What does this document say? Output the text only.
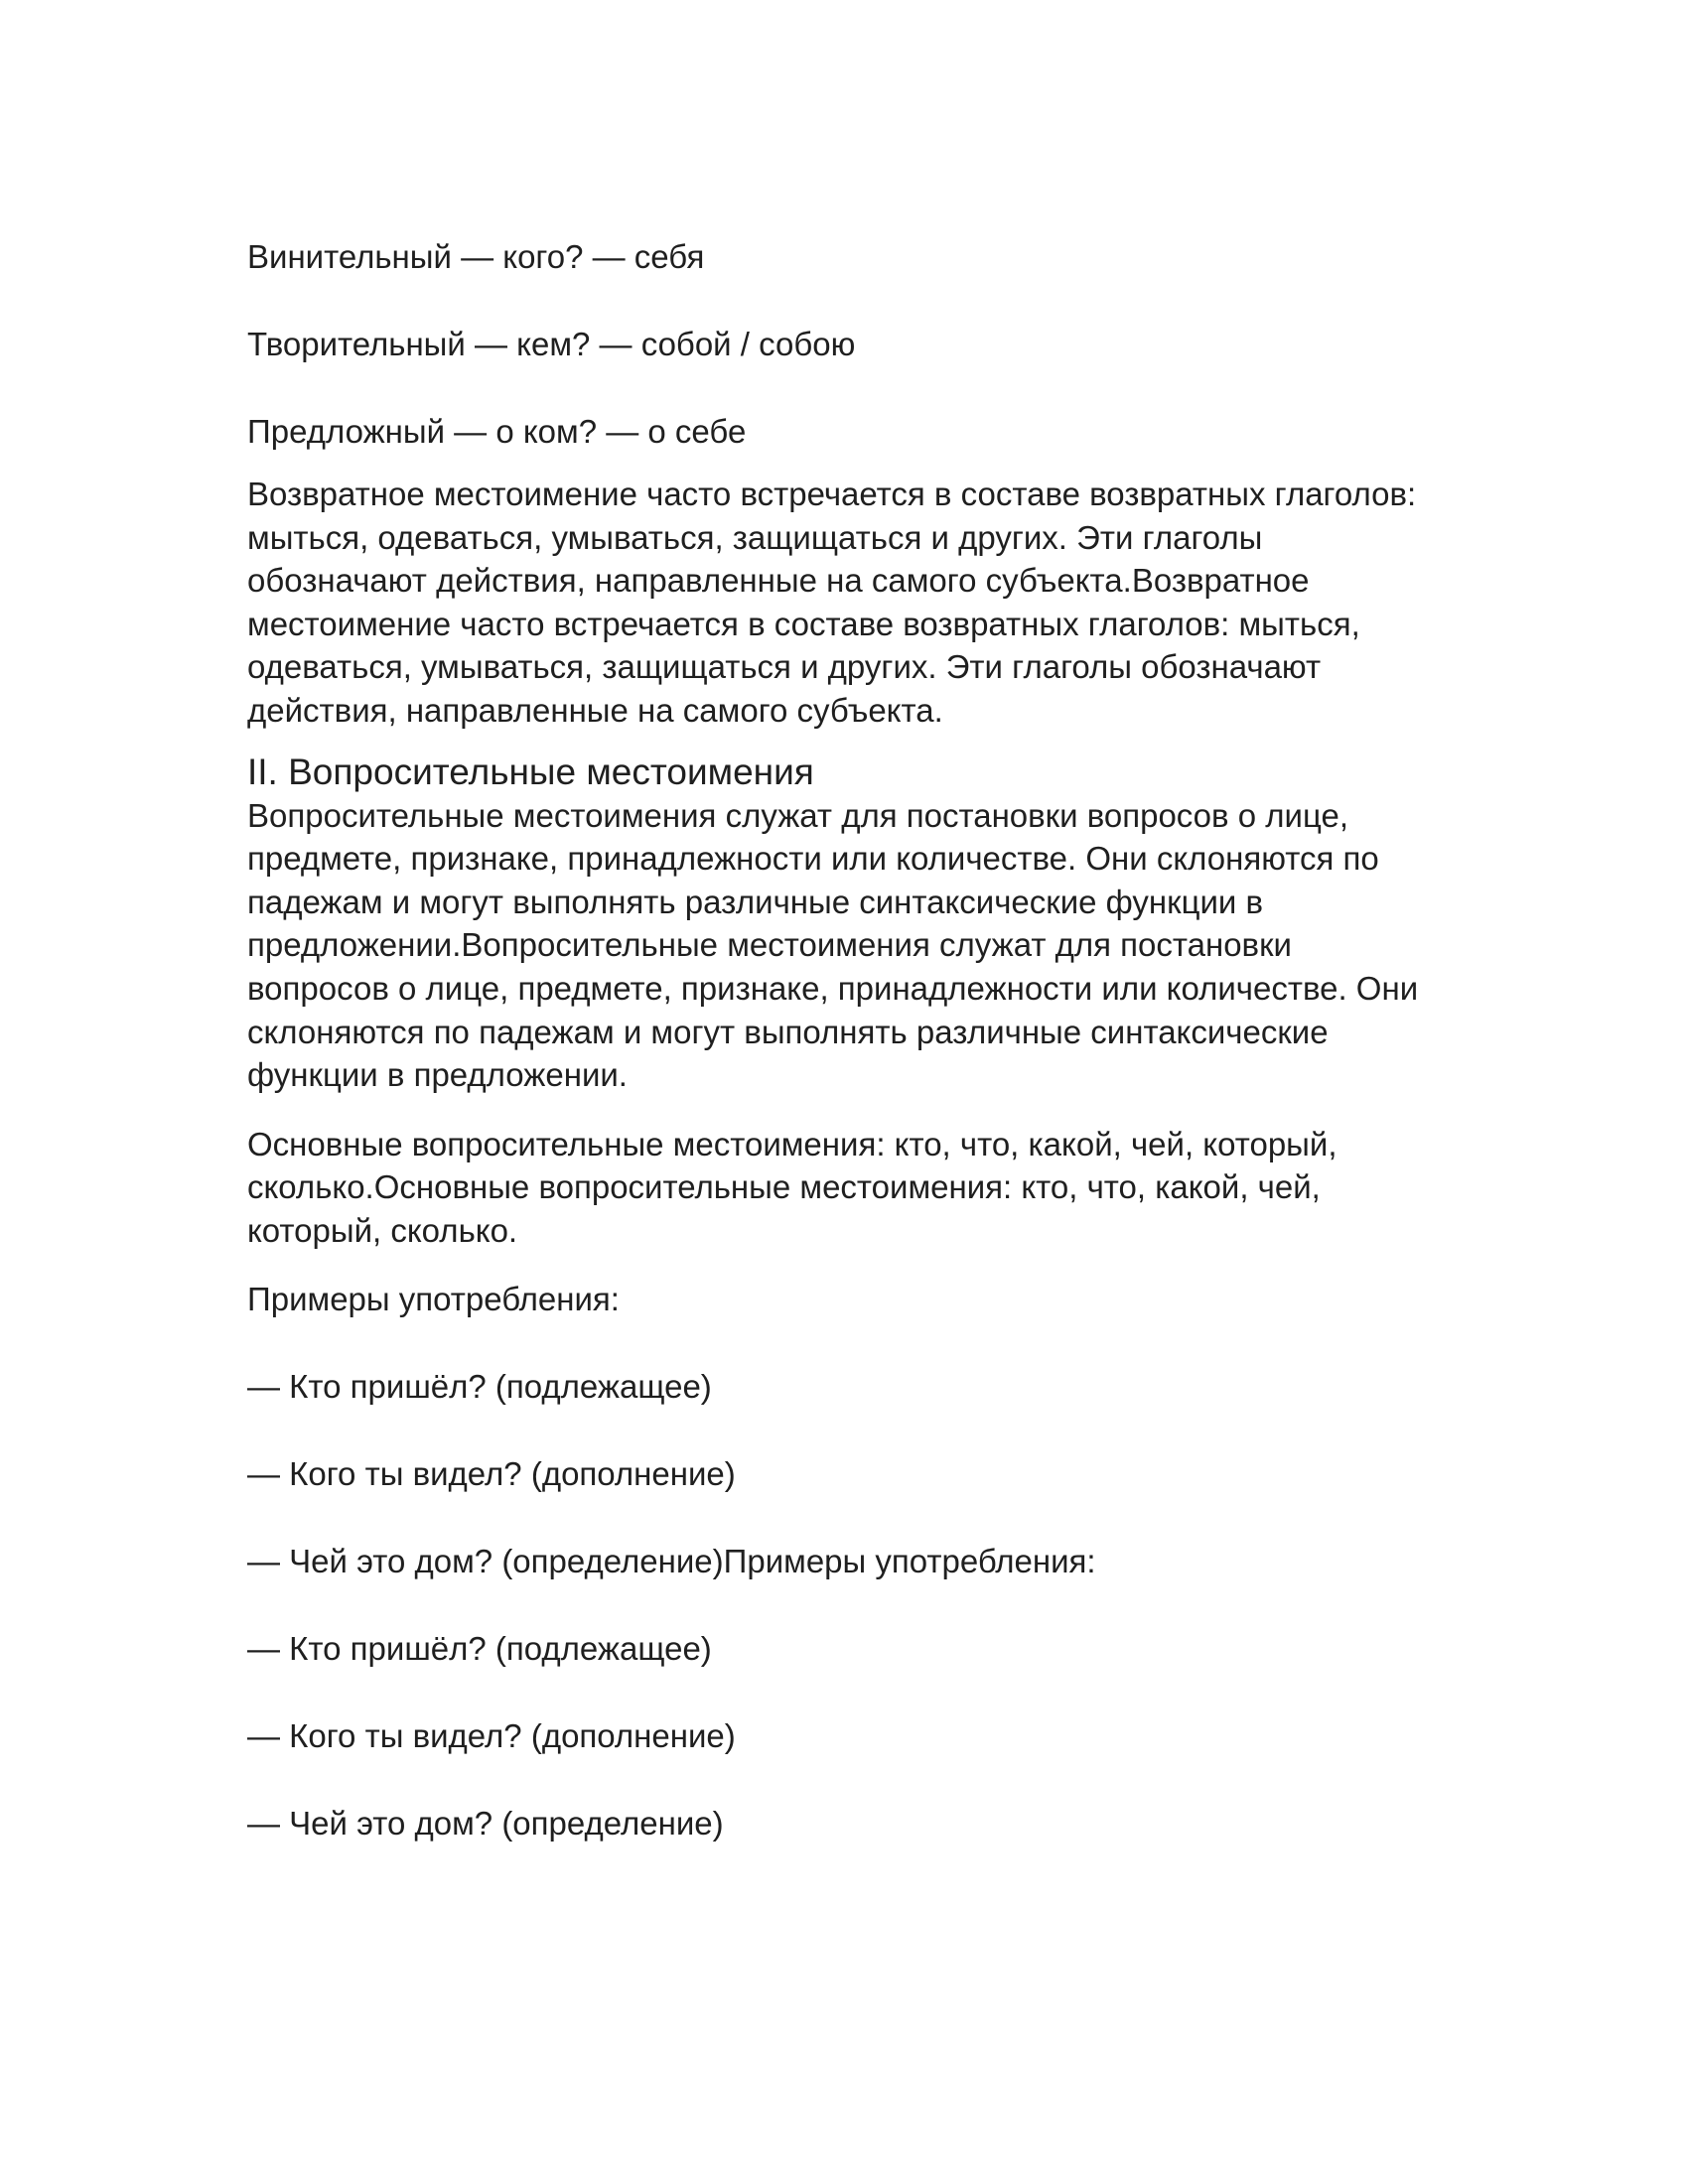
Винительный — кого? — себя

Творительный — кем? — собой / собою

Предложный — о ком? — о себе

Возвратное местоимение часто встречается в составе возвратных глаголов: мыться, одеваться, умываться, защищаться и других. Эти глаголы обозначают действия, направленные на самого субъекта.Возвратное местоимение часто встречается в составе возвратных глаголов: мыться, одеваться, умываться, защищаться и других. Эти глаголы обозначают действия, направленные на самого субъекта.

II. Вопросительные местоимения

Вопросительные местоимения служат для постановки вопросов о лице, предмете, признаке, принадлежности или количестве. Они склоняются по падежам и могут выполнять различные синтаксические функции в предложении.Вопросительные местоимения служат для постановки вопросов о лице, предмете, признаке, принадлежности или количестве. Они склоняются по падежам и могут выполнять различные синтаксические функции в предложении.

Основные вопросительные местоимения: кто, что, какой, чей, который, сколько.Основные вопросительные местоимения: кто, что, какой, чей, который, сколько.

Примеры употребления:

— Кто пришёл? (подлежащее)

— Кого ты видел? (дополнение)

— Чей это дом? (определение)Примеры употребления:

— Кто пришёл? (подлежащее)

— Кого ты видел? (дополнение)

— Чей это дом? (определение)
